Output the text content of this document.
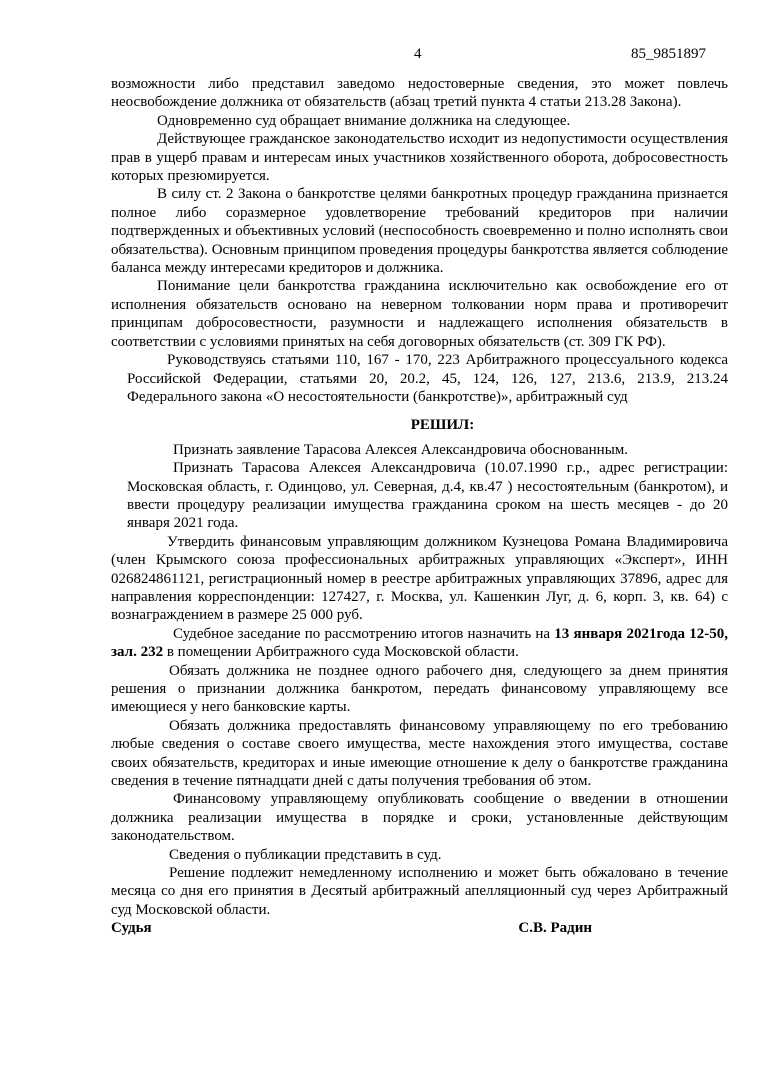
4	85_9851897

возможности либо представил заведомо недостоверные сведения, это может повлечь неосвобождение должника от обязательств (абзац третий пункта 4 статьи 213.28 Закона).

Одновременно суд обращает внимание должника на следующее.

Действующее гражданское законодательство исходит из недопустимости осуществления прав в ущерб правам и интересам иных участников хозяйственного оборота, добросовестность которых презюмируется.

В силу ст. 2 Закона о банкротстве целями банкротных процедур гражданина признается полное либо соразмерное удовлетворение требований кредиторов при наличии подтвержденных и объективных условий (неспособность своевременно и полно исполнять свои обязательства). Основным принципом проведения процедуры банкротства является соблюдение баланса между интересами кредиторов и должника.

Понимание цели банкротства гражданина исключительно как освобождение его от исполнения обязательств основано на неверном толковании норм права и противоречит принципам добросовестности, разумности и надлежащего исполнения обязательств в соответствии с условиями принятых на себя договорных обязательств (ст. 309 ГК РФ).

Руководствуясь статьями 110, 167 - 170, 223 Арбитражного процессуального кодекса Российской Федерации, статьями 20, 20.2, 45, 124, 126, 127, 213.6, 213.9, 213.24 Федерального закона «О несостоятельности (банкротстве)», арбитражный суд

РЕШИЛ:

Признать заявление Тарасова Алексея Александровича обоснованным.

Признать Тарасова Алексея Александровича (10.07.1990 г.р., адрес регистрации: Московская область, г. Одинцово, ул. Северная, д.4, кв.47 ) несостоятельным (банкротом), и ввести процедуру реализации имущества гражданина сроком на шесть месяцев - до 20 января 2021 года.

Утвердить финансовым управляющим должником Кузнецова Романа Владимировича (член Крымского союза профессиональных арбитражных управляющих «Эксперт», ИНН 026824861121, регистрационный номер в реестре арбитражных управляющих 37896, адрес для направления корреспонденции: 127427, г. Москва, ул. Кашенкин Луг, д. 6, корп. 3, кв. 64) с вознаграждением в размере 25 000 руб.

Судебное заседание по рассмотрению итогов назначить на 13 января 2021года 12-50, зал. 232 в помещении Арбитражного суда Московской области.

Обязать должника не позднее одного рабочего дня, следующего за днем принятия решения о признании должника банкротом, передать финансовому управляющему все имеющиеся у него банковские карты.

Обязать должника предоставлять финансовому управляющему по его требованию любые сведения о составе своего имущества, месте нахождения этого имущества, составе своих обязательств, кредиторах и иные имеющие отношение к делу о банкротстве гражданина сведения в течение пятнадцати дней с даты получения требования об этом.

Финансовому управляющему опубликовать сообщение о введении в отношении должника реализации имущества в порядке и сроки, установленные действующим законодательством.

Сведения о публикации представить в суд.

Решение подлежит немедленному исполнению и может быть обжаловано в течение месяца со дня его принятия в Десятый арбитражный апелляционный суд через Арбитражный суд Московской области.

Судья	С.В. Радин
